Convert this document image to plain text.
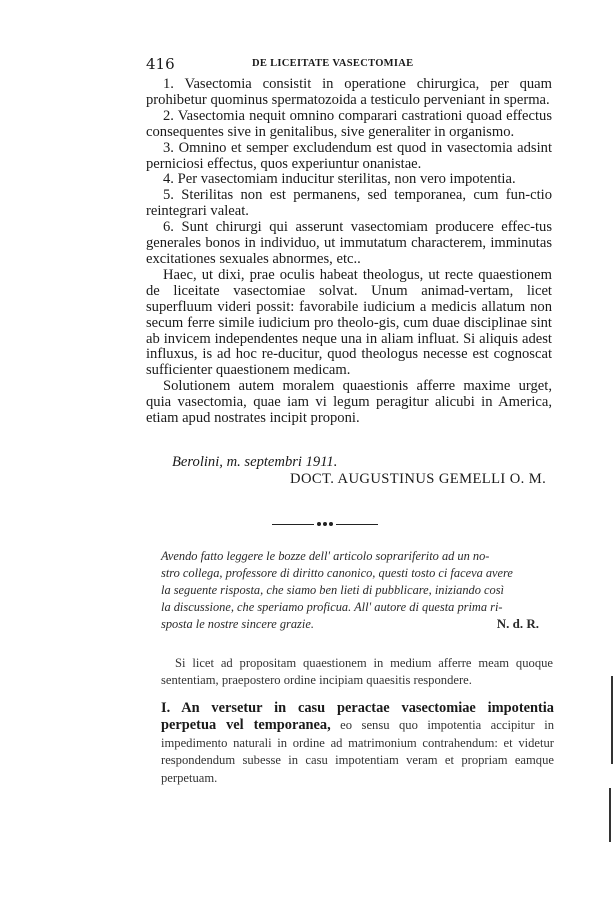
416	DE LICEITATE VASECTOMIAE

1. Vasectomia consistit in operatione chirurgica, per quam prohibetur quominus spermatozoida a testiculo perveniant in sperma.

2. Vasectomia nequit omnino comparari castrationi quoad effectus consequentes sive in genitalibus, sive generaliter in organismo.

3. Omnino et semper excludendum est quod in vasectomia adsint perniciosi effectus, quos experiuntur onanistae.

4. Per vasectomiam inducitur sterilitas, non vero impotentia.

5. Sterilitas non est permanens, sed temporanea, cum fun-ctio reintegrari valeat.

6. Sunt chirurgi qui asserunt vasectomiam producere effec-tus generales bonos in individuo, ut immutatum characterem, imminutas excitationes sexuales abnormes, etc..

Haec, ut dixi, prae oculis habeat theologus, ut recte quaestionem de liceitate vasectomiae solvat. Unum animad-vertam, licet superfluum videri possit: favorabile iudicium a medicis allatum non secum ferre simile iudicium pro theolo-gis, cum duae disciplinae sint ab invicem independentes neque una in aliam influat. Si aliquis adest influxus, is ad hoc re-ducitur, quod theologus necesse est cognoscat sufficienter quaestionem medicam.

Solutionem autem moralem quaestionis afferre maxime urget, quia vasectomia, quae iam vi legum peragitur alicubi in America, etiam apud nostrates incipit proponi.

Berolini, m. septembri 1911.
DOCT. AUGUSTINUS GEMELLI O. M.
Avendo fatto leggere le bozze dell' articolo soprariferito ad un no-
stro collega, professore di diritto canonico, questi tosto ci faceva avere
la seguente risposta, che siamo ben lieti di pubblicare, iniziando così
la discussione, che speriamo proficua. All' autore di questa prima ri-
sposta le nostre sincere grazie.	N. d. R.
Si licet ad propositam quaestionem in medium afferre meam quoque sententiam, praepostero ordine incipiam quaesitis respondere.
I. An versetur in casu peractae vasectomiae impotentia perpetua vel temporanea, eo sensu quo impotentia accipitur in impedimento naturali in ordine ad matrimonium contrahendum: et videtur respondendum subesse in casu impotentiam veram et propriam eamque perpetuam.
